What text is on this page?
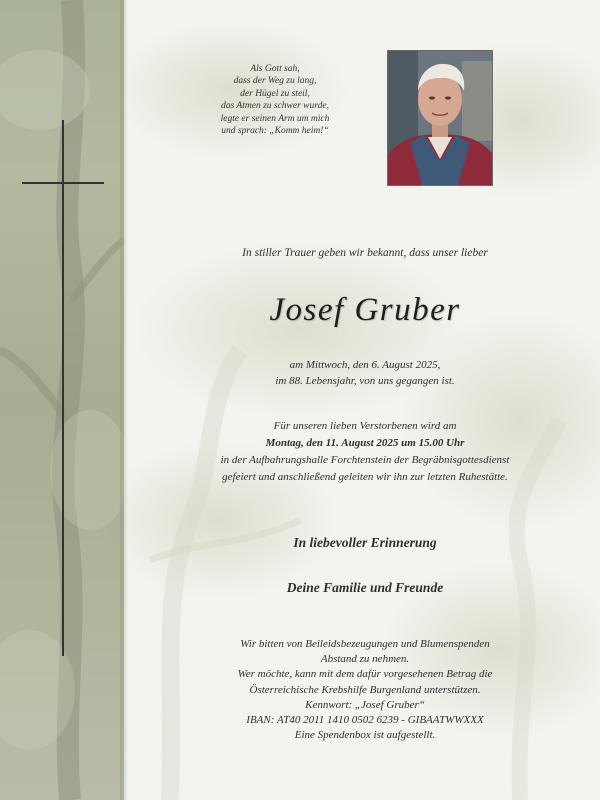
Als Gott sah,
dass der Weg zu lang,
der Hügel zu steil,
das Atmen zu schwer wurde,
legte er seinen Arm um mich
und sprach: „Komm heim!“
In stiller Trauer geben wir bekannt, dass unser lieber
Josef Gruber
am Mittwoch, den 6. August 2025,
im 88. Lebensjahr, von uns gegangen ist.
Für unseren lieben Verstorbenen wird am
Montag, den 11. August 2025 um 15.00 Uhr
in der Aufbahrungshalle Forchtenstein der Begräbnisgottesdienst
gefeiert und anschließend geleiten wir ihn zur letzten Ruhestätte.
In liebevoller Erinnerung
Deine Familie und Freunde
Wir bitten von Beileidsbezeugungen und Blumenspenden
Abstand zu nehmen.
Wer möchte, kann mit dem dafür vorgesehenen Betrag die
Österreichische Krebshilfe Burgenland unterstützen.
Kennwort: „Josef Gruber“
IBAN: AT40 2011 1410 0502 6239 - GIBAATWWXXX
Eine Spendenbox ist aufgestellt.
